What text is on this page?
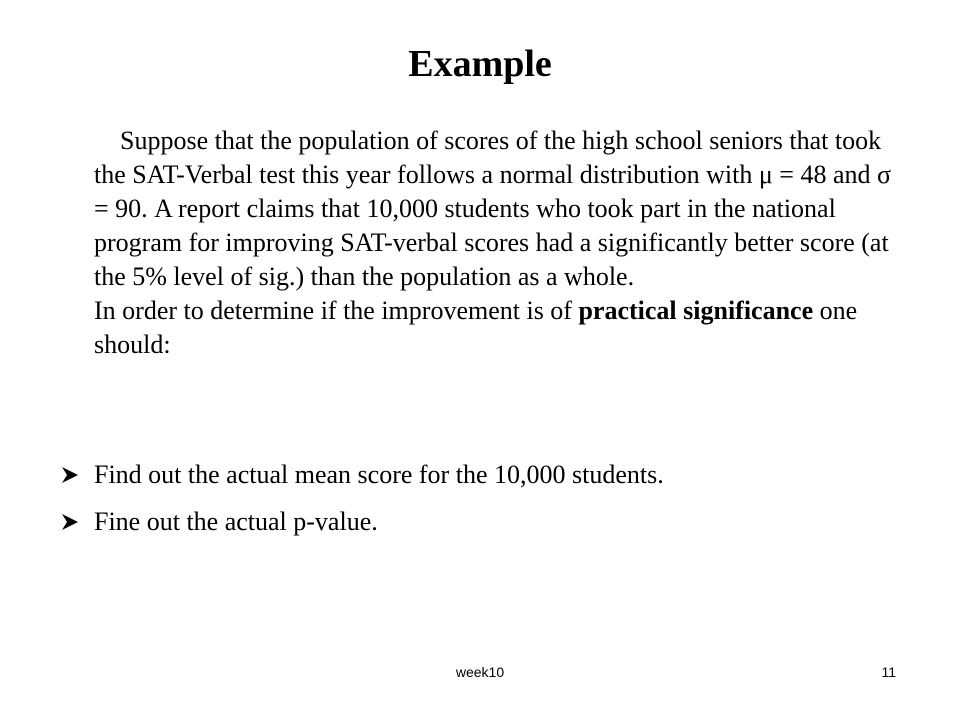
Example
Suppose that the population of scores of the high school seniors that took the SAT-Verbal test this year follows a normal distribution with μ = 48 and σ = 90. A report claims that 10,000 students who took part in the national program for improving SAT-verbal scores had a significantly better score (at the 5% level of sig.) than the population as a whole.
In order to determine if the improvement is of practical significance one should:
Find out the actual mean score for the 10,000 students.
Fine out the actual p-value.
week10	11
